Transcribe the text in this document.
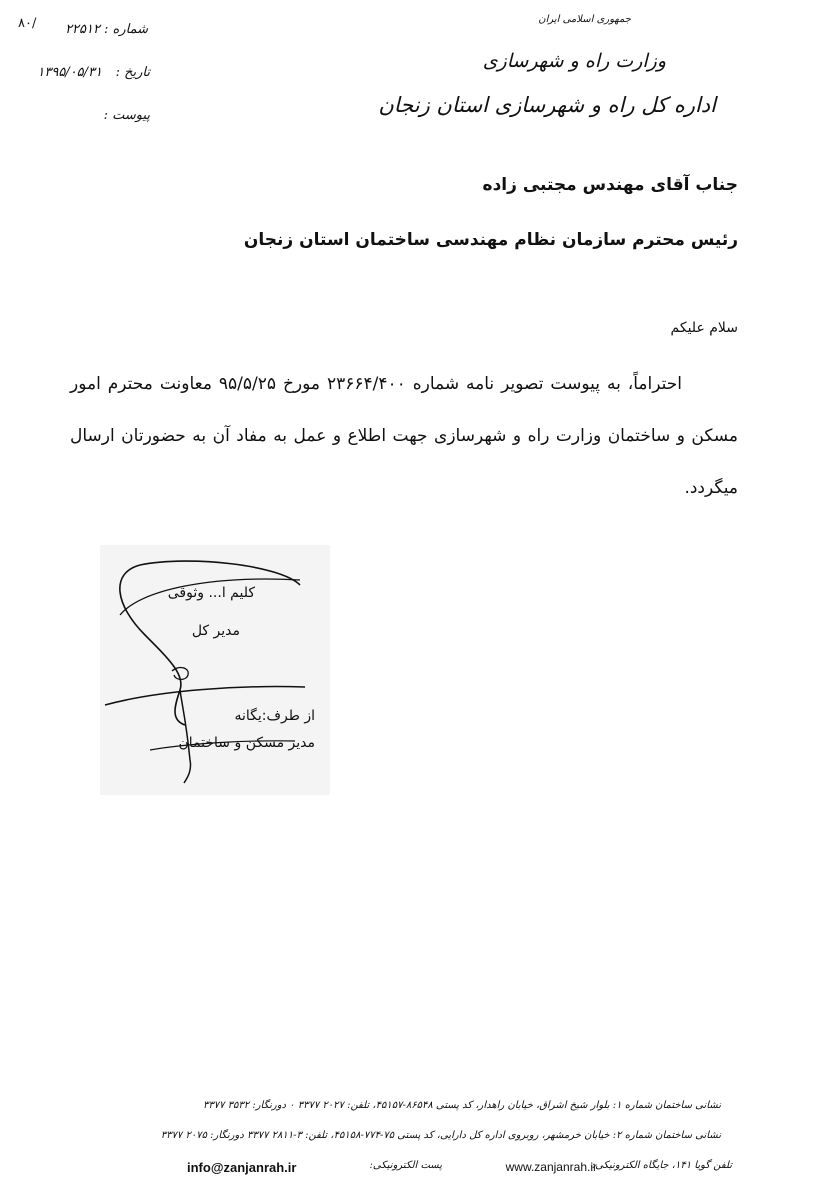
۸۰/	شماره :۲۲۵۱۲
تاریخ :۱۳۹۵/۰۵/۳۱
پیوست :
جمهوری اسلامی ایران
وزارت راه و شهرسازی
اداره کل راه و شهرسازی استان زنجان
جناب آقای مهندس مجتبی زاده
رئیس محترم سازمان نظام مهندسی ساختمان استان زنجان
سلام علیکم
احتراماً، به پیوست تصویر نامه شماره ۲۳۶۶۴/۴۰۰ مورخ ۹۵/۵/۲۵ معاونت محترم امور مسکن و ساختمان وزارت راه و شهرسازی جهت اطلاع و عمل به مفاد آن به حضورتان ارسال میگردد.
کلیم ا... وثوقی
مدیر کل
از طرف:یگانه
مدیر مسکن و ساختمان
نشانی ساختمان شماره ۱: بلوار شیخ اشراق، خیابان راهدار، کد پستی ۸۶۵۴۸-۴۵۱۵۷، تلفن: ۲۰۲۷ ۳۳۷۷ ۰ دورنگار: ۳۵۳۲ ۳۳۷۷
نشانی ساختمان شماره ۲: خیابان خرمشهر، روبروی اداره کل دارایی، کد پستی ۷۵-۷۷۴-۴۵۱۵۸، تلفن: ۳-۲۸۱۱ ۳۳۷۷ دورنگار: ۲۰۷۵ ۳۳۷۷
تلفن گویا ۱۴۱، جایگاه الکترونیکی:
www.zanjanrah.ir
پست الکترونیکی:
info@zanjanrah.ir
